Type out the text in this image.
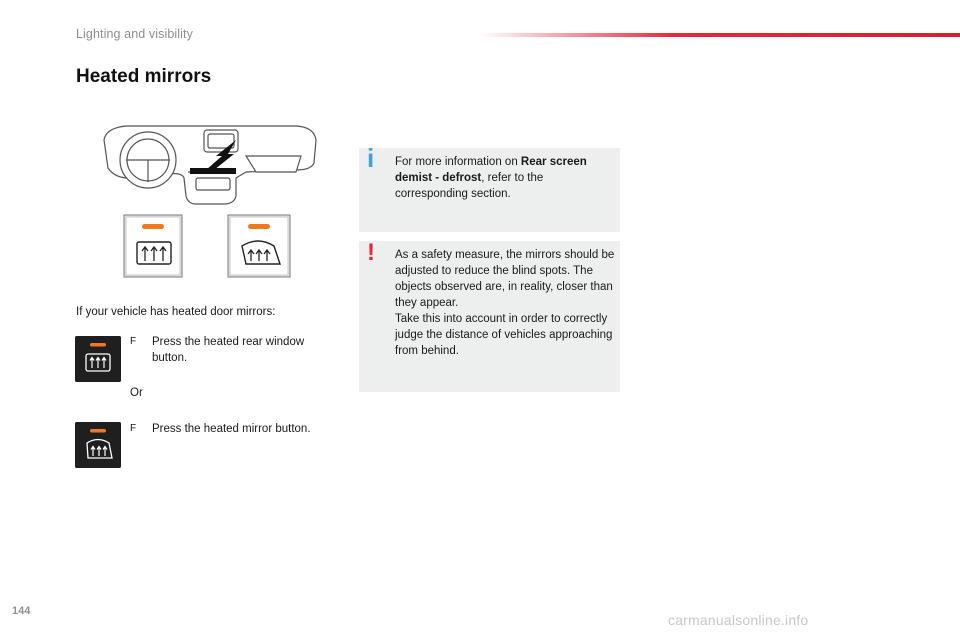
Lighting and visibility
Heated mirrors
If your vehicle has heated door mirrors:
F Press the heated rear window button.
Or
F Press the heated mirror button.
i For more information on Rear screen demist - defrost, refer to the corresponding section.
! As a safety measure, the mirrors should be adjusted to reduce the blind spots. The objects observed are, in reality, closer than they appear.
Take this into account in order to correctly judge the distance of vehicles approaching from behind.
144
carmanualsonline.info
